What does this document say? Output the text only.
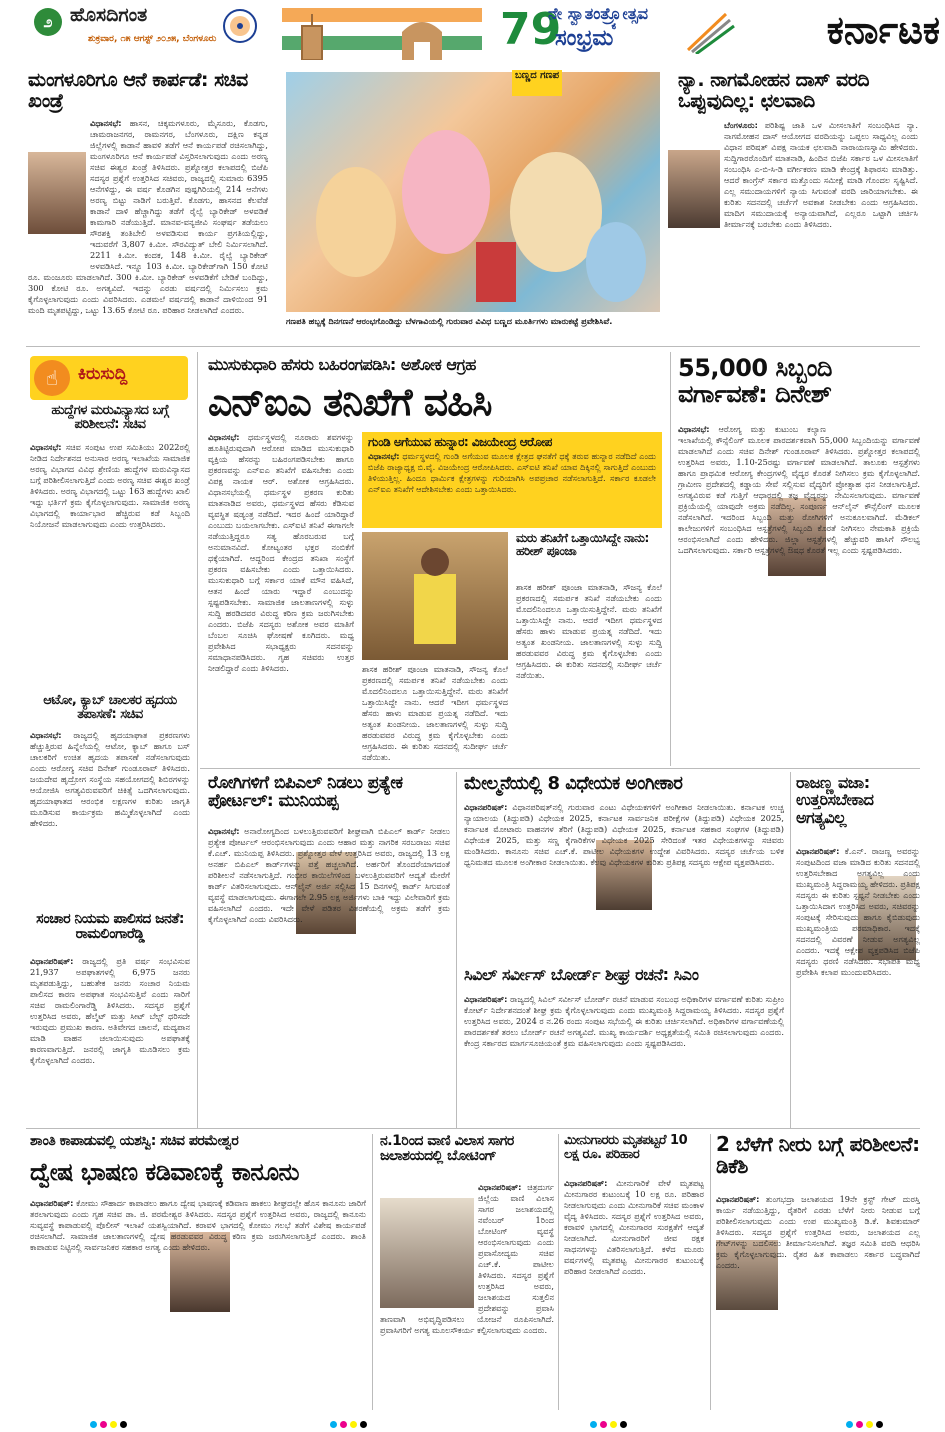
೨ ಹೊಸದಿಗಂತ
ಶುಕ್ರವಾರ, ೧೫ ಆಗಸ್ಟ್ ೨೦೨೫, ಬೆಂಗಳೂರು	79
ನೇ ಸ್ವಾತಂತ್ರ್ಯೋತ್ಸವ
ಸಂಭ್ರಮ	ಕರ್ನಾಟಕ
ಮಂಗಳೂರಿಗೂ ಆನೆ ಕಾರ್ಪಡೆ: ಸಚಿವ ಖಂಡ್ರೆ
ವಿಧಾನಸಭೆ: ಹಾಸನ, ಚಿಕ್ಕಮಗಳೂರು, ಮೈಸೂರು, ಕೊಡಗು, ಚಾಮರಾಜನಗರ, ರಾಮನಗರ, ಬೆಂಗಳೂರು, ದಕ್ಷಿಣ ಕನ್ನಡ ಜಿಲ್ಲೆಗಳಲ್ಲಿ ಕಾಡಾನೆ ಹಾವಳಿ ತಡೆಗೆ ಆನೆ ಕಾರ್ಯಪಡೆ ರಚಿಸಲಾಗಿದ್ದು, ಮಂಗಳೂರಿಗೂ ಆನೆ ಕಾರ್ಯಪಡೆ ವಿಸ್ತರಿಸಲಾಗುವುದು ಎಂದು ಅರಣ್ಯ ಸಚಿವ ಈಶ್ವರ ಖಂಡ್ರೆ ತಿಳಿಸಿದರು. ಪ್ರಶ್ನೋತ್ತರ ಕಲಾಪದಲ್ಲಿ ಬಿಜೆಪಿ ಸದಸ್ಯರ ಪ್ರಶ್ನೆಗೆ ಉತ್ತರಿಸಿದ ಸಚಿವರು, ರಾಜ್ಯದಲ್ಲಿ ಸುಮಾರು 6395 ಆನೆಗಳಿದ್ದು, ಈ ವರ್ಷ ಕೊಡಗಿನ ಪುಷ್ಪಗಿರಿಯಲ್ಲಿ 214 ಆನೆಗಳು ಅರಣ್ಯ ಬಿಟ್ಟು ನಾಡಿಗೆ ಬರುತ್ತಿವೆ. ಕೊಡಗು, ಹಾಸನದ ಕೆಲವೆಡೆ ಕಾಡಾನೆ ದಾಳಿ ಹೆಚ್ಚಾಗಿದ್ದು ತಡೆಗೆ ರೈಲ್ವೆ ಬ್ಯಾರಿಕೇಡ್ ಅಳವಡಿಕೆ ಕಾಮಗಾರಿ ನಡೆಯುತ್ತಿದೆ. ಮಾನವ-ವನ್ಯಜೀವಿ ಸಂಘರ್ಷ ತಡೆಯಲು ಸೌರಶಕ್ತಿ ತಂತಿಬೇಲಿ ಅಳವಡಿಸುವ ಕಾರ್ಯ ಪ್ರಗತಿಯಲ್ಲಿದ್ದು, ಇದುವರೆಗೆ 3,807 ಕಿ.ಮೀ. ಸೌರವಿದ್ಯುತ್ ಬೇಲಿ ನಿರ್ಮಿಸಲಾಗಿದೆ. 2211 ಕಿ.ಮೀ. ಕಂದಕ, 148 ಕಿ.ಮೀ. ರೈಲ್ವೆ ಬ್ಯಾರಿಕೇಡ್ ಅಳವಡಿಸಿದೆ. ಇನ್ನೂ 103 ಕಿ.ಮೀ. ಬ್ಯಾರಿಕೇಡ್‌ಗಾಗಿ 150 ಕೋಟಿ ರೂ. ಮಂಜೂರು ಮಾಡಲಾಗಿದೆ. 300 ಕಿ.ಮೀ. ಬ್ಯಾರಿಕೇಡ್ ಅಳವಡಿಕೆಗೆ ಬೇಡಿಕೆ ಬಂದಿದ್ದು, 300 ಕೋಟಿ ರೂ. ಅಗತ್ಯವಿದೆ. ಇದನ್ನು ಎರಡು ವರ್ಷದಲ್ಲಿ ನಿರ್ಮಿಸಲು ಕ್ರಮ ಕೈಗೊಳ್ಳಲಾಗುವುದು ಎಂದು ವಿವರಿಸಿದರು. ಎಡಮಲೆ ವರ್ಷದಲ್ಲಿ ಕಾಡಾನೆ ದಾಳಿಯಿಂದ 91 ಮಂದಿ ಮೃತಪಟ್ಟಿದ್ದು, ಒಟ್ಟು 13.65 ಕೋಟಿ ರೂ. ಪರಿಹಾರ ನೀಡಲಾಗಿದೆ ಎಂದರು.
ಬಣ್ಣದ ಗಣಪ
ಗಣಪತಿ ಹಬ್ಬಕ್ಕೆ ದಿನಗಣನೆ ಆರಂಭಗೊಂಡಿದ್ದು ಬೆಳಗಾವಿಯಲ್ಲಿ ಗುರುವಾರ ವಿವಿಧ ಬಣ್ಣದ ಮೂರ್ತಿಗಳು ಮಾರುಕಟ್ಟೆ ಪ್ರವೇಶಿಸಿವೆ.
ನ್ಯಾ. ನಾಗಮೋಹನ ದಾಸ್ ವರದಿ ಒಪ್ಪುವುದಿಲ್ಲ: ಛಲವಾದಿ
ಬೆಂಗಳೂರು: ಪರಿಶಿಷ್ಟ ಜಾತಿ ಒಳ ಮೀಸಲಾತಿಗೆ ಸಂಬಂಧಿಸಿದ ನ್ಯಾ. ನಾಗಮೋಹನ ದಾಸ್ ಆಯೋಗದ ವರದಿಯನ್ನು ಒಪ್ಪಲು ಸಾಧ್ಯವಿಲ್ಲ ಎಂದು ವಿಧಾನ ಪರಿಷತ್ ವಿಪಕ್ಷ ನಾಯಕ ಛಲವಾದಿ ನಾರಾಯಣಸ್ವಾಮಿ ಹೇಳಿದರು. ಸುದ್ದಿಗಾರರೊಂದಿಗೆ ಮಾತನಾಡಿ, ಹಿಂದಿನ ಬಿಜೆಪಿ ಸರ್ಕಾರ ಒಳ ಮೀಸಲಾತಿಗೆ ಸಂಬಂಧಿಸಿ ಎ-ಬಿ-ಸಿ-ಡಿ ವರ್ಗೀಕರಣ ಮಾಡಿ ಕೇಂದ್ರಕ್ಕೆ ಶಿಫಾರಸು ಮಾಡಿತ್ತು. ಆದರೆ ಕಾಂಗ್ರೆಸ್ ಸರ್ಕಾರ ಮತ್ತೊಂದು ಸಮೀಕ್ಷೆ ಮಾಡಿ ಗೊಂದಲ ಸೃಷ್ಟಿಸಿದೆ. ಎಲ್ಲ ಸಮುದಾಯಗಳಿಗೆ ನ್ಯಾಯ ಸಿಗುವಂತೆ ವರದಿ ಜಾರಿಯಾಗಬೇಕು. ಈ ಕುರಿತು ಸದನದಲ್ಲಿ ಚರ್ಚೆಗೆ ಅವಕಾಶ ನೀಡಬೇಕು ಎಂದು ಆಗ್ರಹಿಸಿದರು. ಮಾದಿಗ ಸಮುದಾಯಕ್ಕೆ ಅನ್ಯಾಯವಾಗಿದೆ, ಎಲ್ಲರೂ ಒಟ್ಟಾಗಿ ಚರ್ಚಿಸಿ ತೀರ್ಮಾನಕ್ಕೆ ಬರಬೇಕು ಎಂದು ತಿಳಿಸಿದರು.
☝	ಕಿರುಸುದ್ದಿ
ಹುದ್ದೆಗಳ ಮರುವಿನ್ಯಾಸದ ಬಗ್ಗೆ ಪರಿಶೀಲನೆ: ಸಚಿವ
ವಿಧಾನಸಭೆ: ಸಚಿವ ಸಂಪುಟ ಉಪ ಸಮಿತಿಯು 2022ರಲ್ಲಿ ನೀಡಿದ ನಿರ್ದೇಶನದ ಅನುಸಾರ ಅರಣ್ಯ ಇಲಾಖೆಯ ಸಾಮಾಜಿಕ ಅರಣ್ಯ ವಿಭಾಗದ ವಿವಿಧ ಶ್ರೇಣಿಯ ಹುದ್ದೆಗಳ ಮರುವಿನ್ಯಾಸದ ಬಗ್ಗೆ ಪರಿಶೀಲಿಸಲಾಗುತ್ತಿದೆ ಎಂದು ಅರಣ್ಯ ಸಚಿವ ಈಶ್ವರ ಖಂಡ್ರೆ ತಿಳಿಸಿದರು. ಅರಣ್ಯ ವಿಭಾಗದಲ್ಲಿ ಒಟ್ಟು 163 ಹುದ್ದೆಗಳು ಖಾಲಿ ಇದ್ದು ಭರ್ತಿಗೆ ಕ್ರಮ ಕೈಗೊಳ್ಳಲಾಗುವುದು. ಸಾಮಾಜಿಕ ಅರಣ್ಯ ವಿಭಾಗದಲ್ಲಿ ಕಾರ್ಯಾಭಾರ ಹೆಚ್ಚಿರುವ ಕಡೆ ಸಿಬ್ಬಂದಿ ನಿಯೋಜನೆ ಮಾಡಲಾಗುವುದು ಎಂದು ಉತ್ತರಿಸಿದರು.
ಆಟೋ, ಕ್ಯಾಬ್ ಚಾಲಕರ ಹೃದಯ ತಪಾಸಣೆ: ಸಚಿವ
ವಿಧಾನಸಭೆ: ರಾಜ್ಯದಲ್ಲಿ ಹೃದಯಾಘಾತ ಪ್ರಕರಣಗಳು ಹೆಚ್ಚುತ್ತಿರುವ ಹಿನ್ನೆಲೆಯಲ್ಲಿ ಆಟೋ, ಕ್ಯಾಬ್ ಹಾಗೂ ಬಸ್ ಚಾಲಕರಿಗೆ ಉಚಿತ ಹೃದಯ ತಪಾಸಣೆ ನಡೆಸಲಾಗುವುದು ಎಂದು ಆರೋಗ್ಯ ಸಚಿವ ದಿನೇಶ್ ಗುಂಡೂರಾವ್ ತಿಳಿಸಿದರು. ಜಯದೇವ ಹೃದ್ರೋಗ ಸಂಸ್ಥೆಯ ಸಹಯೋಗದಲ್ಲಿ ಶಿಬಿರಗಳನ್ನು ಆಯೋಜಿಸಿ ಅಗತ್ಯವಿರುವವರಿಗೆ ಚಿಕಿತ್ಸೆ ಒದಗಿಸಲಾಗುವುದು. ಹೃದಯಾಘಾತದ ಆರಂಭಿಕ ಲಕ್ಷಣಗಳ ಕುರಿತು ಜಾಗೃತಿ ಮೂಡಿಸುವ ಕಾರ್ಯಕ್ರಮ ಹಮ್ಮಿಕೊಳ್ಳಲಾಗಿದೆ ಎಂದು ಹೇಳಿದರು.
ಸಂಚಾರ ನಿಯಮ ಪಾಲಿಸದ ಜನತೆ: ರಾಮಲಿಂಗಾರೆಡ್ಡಿ
ವಿಧಾನಪರಿಷತ್: ರಾಜ್ಯದಲ್ಲಿ ಪ್ರತಿ ವರ್ಷ ಸಂಭವಿಸುವ 21,937 ಅಪಘಾತಗಳಲ್ಲಿ 6,975 ಜನರು ಮೃತಪಡುತ್ತಿದ್ದು, ಬಹುತೇಕ ಜನರು ಸಂಚಾರ ನಿಯಮ ಪಾಲಿಸದ ಕಾರಣ ಅಪಘಾತ ಸಂಭವಿಸುತ್ತಿವೆ ಎಂದು ಸಾರಿಗೆ ಸಚಿವ ರಾಮಲಿಂಗಾರೆಡ್ಡಿ ತಿಳಿಸಿದರು. ಸದಸ್ಯರ ಪ್ರಶ್ನೆಗೆ ಉತ್ತರಿಸಿದ ಅವರು, ಹೆಲ್ಮೆಟ್ ಮತ್ತು ಸೀಟ್ ಬೆಲ್ಟ್ ಧರಿಸದೇ ಇರುವುದು ಪ್ರಮುಖ ಕಾರಣ. ಅತಿವೇಗದ ಚಾಲನೆ, ಮದ್ಯಪಾನ ಮಾಡಿ ವಾಹನ ಚಲಾಯಿಸುವುದು ಅಪಘಾತಕ್ಕೆ ಕಾರಣವಾಗುತ್ತಿದೆ. ಜನರಲ್ಲಿ ಜಾಗೃತಿ ಮೂಡಿಸಲು ಕ್ರಮ ಕೈಗೊಳ್ಳಲಾಗಿದೆ ಎಂದರು.
ಮುಸುಕುಧಾರಿ ಹೆಸರು ಬಹಿರಂಗಪಡಿಸಿ: ಅಶೋಕ ಆಗ್ರಹ
ಎನ್‌ಐಎ ತನಿಖೆಗೆ ವಹಿಸಿ
ವಿಧಾನಸಭೆ: ಧರ್ಮಸ್ಥಳದಲ್ಲಿ ನೂರಾರು ಶವಗಳನ್ನು ಹೂತಿಟ್ಟಿರುವುದಾಗಿ ಆರೋಪ ಮಾಡಿದ ಮುಸುಕುಧಾರಿ ವ್ಯಕ್ತಿಯ ಹೆಸರನ್ನು ಬಹಿರಂಗಪಡಿಸಬೇಕು ಹಾಗೂ ಪ್ರಕರಣವನ್ನು ಎನ್‌ಐಎ ತನಿಖೆಗೆ ವಹಿಸಬೇಕು ಎಂದು ವಿಪಕ್ಷ ನಾಯಕ ಆರ್. ಅಶೋಕ ಆಗ್ರಹಿಸಿದರು. ವಿಧಾನಸಭೆಯಲ್ಲಿ ಧರ್ಮಸ್ಥಳ ಪ್ರಕರಣ ಕುರಿತು ಮಾತನಾಡಿದ ಅವರು, ಧರ್ಮಸ್ಥಳದ ಹೆಸರು ಕೆಡಿಸುವ ವ್ಯವಸ್ಥಿತ ಷಡ್ಯಂತ್ರ ನಡೆದಿದೆ. ಇದರ ಹಿಂದೆ ಯಾರಿದ್ದಾರೆ ಎಂಬುದು ಬಯಲಾಗಬೇಕು. ಎಸ್‌ಐಟಿ ತನಿಖೆ ಈಗಾಗಲೇ ನಡೆಯುತ್ತಿದ್ದರೂ ಸತ್ಯ ಹೊರಬರುವ ಬಗ್ಗೆ ಅನುಮಾನವಿದೆ. ಕೋಟ್ಯಂತರ ಭಕ್ತರ ನಂಬಿಕೆಗೆ ಧಕ್ಕೆಯಾಗಿದೆ. ಆದ್ದರಿಂದ ಕೇಂದ್ರದ ತನಿಖಾ ಸಂಸ್ಥೆಗೆ ಪ್ರಕರಣ ವಹಿಸಬೇಕು ಎಂದು ಒತ್ತಾಯಿಸಿದರು. ಮುಸುಕುಧಾರಿ ಬಗ್ಗೆ ಸರ್ಕಾರ ಯಾಕೆ ಮೌನ ವಹಿಸಿದೆ, ಆತನ ಹಿಂದೆ ಯಾರು ಇದ್ದಾರೆ ಎಂಬುದನ್ನು ಸ್ಪಷ್ಟಪಡಿಸಬೇಕು. ಸಾಮಾಜಿಕ ಜಾಲತಾಣಗಳಲ್ಲಿ ಸುಳ್ಳು ಸುದ್ದಿ ಹರಡಿದವರ ವಿರುದ್ಧ ಕಠಿಣ ಕ್ರಮ ಜರುಗಿಸಬೇಕು ಎಂದರು. ಬಿಜೆಪಿ ಸದಸ್ಯರು ಅಶೋಕ ಅವರ ಮಾತಿಗೆ ಬೆಂಬಲ ಸೂಚಿಸಿ ಘೋಷಣೆ ಕೂಗಿದರು. ಮಧ್ಯ ಪ್ರವೇಶಿಸಿದ ಸಭಾಧ್ಯಕ್ಷರು ಸದನವನ್ನು ಸಮಾಧಾನಪಡಿಸಿದರು. ಗೃಹ ಸಚಿವರು ಉತ್ತರ ನೀಡಲಿದ್ದಾರೆ ಎಂದು ತಿಳಿಸಿದರು.
ಗುಂಡಿ ಅಗೆಯುವ ಹುನ್ನಾರ: ವಿಜಯೇಂದ್ರ ಆರೋಪ
ವಿಧಾನಸಭೆ: ಧರ್ಮಸ್ಥಳದಲ್ಲಿ ಗುಂಡಿ ಅಗೆಯುವ ಮೂಲಕ ಕ್ಷೇತ್ರದ ಘನತೆಗೆ ಧಕ್ಕೆ ತರುವ ಹುನ್ನಾರ ನಡೆದಿದೆ ಎಂದು ಬಿಜೆಪಿ ರಾಜ್ಯಾಧ್ಯಕ್ಷ ಬಿ.ವೈ. ವಿಜಯೇಂದ್ರ ಆರೋಪಿಸಿದರು. ಎಸ್‌ಐಟಿ ತನಿಖೆ ಯಾವ ದಿಕ್ಕಿನಲ್ಲಿ ಸಾಗುತ್ತಿದೆ ಎಂಬುದು ತಿಳಿಯುತ್ತಿಲ್ಲ. ಹಿಂದೂ ಧಾರ್ಮಿಕ ಕ್ಷೇತ್ರಗಳನ್ನು ಗುರಿಯಾಗಿಸಿ ಅಪಪ್ರಚಾರ ನಡೆಸಲಾಗುತ್ತಿದೆ. ಸರ್ಕಾರ ಕೂಡಲೇ ಎನ್‌ಐಎ ತನಿಖೆಗೆ ಆದೇಶಿಸಬೇಕು ಎಂದು ಒತ್ತಾಯಿಸಿದರು.
ಮರು ತನಿಖೆಗೆ ಒತ್ತಾಯಿಸಿದ್ದೇ ನಾನು: ಹರೀಶ್ ಪೂಂಜಾ
ಶಾಸಕ ಹರೀಶ್ ಪೂಂಜಾ ಮಾತನಾಡಿ, ಸೌಜನ್ಯ ಕೊಲೆ ಪ್ರಕರಣದಲ್ಲಿ ಸಮರ್ಪಕ ತನಿಖೆ ನಡೆಯಬೇಕು ಎಂದು ಮೊದಲಿನಿಂದಲೂ ಒತ್ತಾಯಿಸುತ್ತಿದ್ದೇನೆ. ಮರು ತನಿಖೆಗೆ ಒತ್ತಾಯಿಸಿದ್ದೇ ನಾನು. ಆದರೆ ಇದೀಗ ಧರ್ಮಸ್ಥಳದ ಹೆಸರು ಹಾಳು ಮಾಡುವ ಪ್ರಯತ್ನ ನಡೆದಿದೆ. ಇದು ಅತ್ಯಂತ ಖಂಡನೀಯ. ಜಾಲತಾಣಗಳಲ್ಲಿ ಸುಳ್ಳು ಸುದ್ದಿ ಹರಡುವವರ ವಿರುದ್ಧ ಕ್ರಮ ಕೈಗೊಳ್ಳಬೇಕು ಎಂದು ಆಗ್ರಹಿಸಿದರು. ಈ ಕುರಿತು ಸದನದಲ್ಲಿ ಸುದೀರ್ಘ ಚರ್ಚೆ ನಡೆಯಿತು.
ಶಾಸಕ ಹರೀಶ್ ಪೂಂಜಾ ಮಾತನಾಡಿ, ಸೌಜನ್ಯ ಕೊಲೆ ಪ್ರಕರಣದಲ್ಲಿ ಸಮರ್ಪಕ ತನಿಖೆ ನಡೆಯಬೇಕು ಎಂದು ಮೊದಲಿನಿಂದಲೂ ಒತ್ತಾಯಿಸುತ್ತಿದ್ದೇನೆ. ಮರು ತನಿಖೆಗೆ ಒತ್ತಾಯಿಸಿದ್ದೇ ನಾನು. ಆದರೆ ಇದೀಗ ಧರ್ಮಸ್ಥಳದ ಹೆಸರು ಹಾಳು ಮಾಡುವ ಪ್ರಯತ್ನ ನಡೆದಿದೆ. ಇದು ಅತ್ಯಂತ ಖಂಡನೀಯ. ಜಾಲತಾಣಗಳಲ್ಲಿ ಸುಳ್ಳು ಸುದ್ದಿ ಹರಡುವವರ ವಿರುದ್ಧ ಕ್ರಮ ಕೈಗೊಳ್ಳಬೇಕು ಎಂದು ಆಗ್ರಹಿಸಿದರು. ಈ ಕುರಿತು ಸದನದಲ್ಲಿ ಸುದೀರ್ಘ ಚರ್ಚೆ ನಡೆಯಿತು.
55,000 ಸಿಬ್ಬಂದಿ ವರ್ಗಾವಣೆ: ದಿನೇಶ್
ವಿಧಾನಸಭೆ: ಆರೋಗ್ಯ ಮತ್ತು ಕುಟುಂಬ ಕಲ್ಯಾಣ ಇಲಾಖೆಯಲ್ಲಿ ಕೌನ್ಸೆಲಿಂಗ್ ಮೂಲಕ ಪಾರದರ್ಶಕವಾಗಿ 55,000 ಸಿಬ್ಬಂದಿಯನ್ನು ವರ್ಗಾವಣೆ ಮಾಡಲಾಗಿದೆ ಎಂದು ಸಚಿವ ದಿನೇಶ್ ಗುಂಡೂರಾವ್ ತಿಳಿಸಿದರು. ಪ್ರಶ್ನೋತ್ತರ ಕಲಾಪದಲ್ಲಿ ಉತ್ತರಿಸಿದ ಅವರು, 1.10-25ರಷ್ಟು ವರ್ಗಾವಣೆ ಮಾಡಲಾಗಿದೆ. ತಾಲೂಕು ಆಸ್ಪತ್ರೆಗಳು ಹಾಗೂ ಪ್ರಾಥಮಿಕ ಆರೋಗ್ಯ ಕೇಂದ್ರಗಳಲ್ಲಿ ವೈದ್ಯರ ಕೊರತೆ ನೀಗಿಸಲು ಕ್ರಮ ಕೈಗೊಳ್ಳಲಾಗಿದೆ. ಗ್ರಾಮೀಣ ಪ್ರದೇಶದಲ್ಲಿ ಕಡ್ಡಾಯ ಸೇವೆ ಸಲ್ಲಿಸುವ ವೈದ್ಯರಿಗೆ ಪ್ರೋತ್ಸಾಹ ಧನ ನೀಡಲಾಗುತ್ತಿದೆ. ಅಗತ್ಯವಿರುವ ಕಡೆ ಗುತ್ತಿಗೆ ಆಧಾರದಲ್ಲಿ ತಜ್ಞ ವೈದ್ಯರನ್ನು ನೇಮಿಸಲಾಗುವುದು. ವರ್ಗಾವಣೆ ಪ್ರಕ್ರಿಯೆಯಲ್ಲಿ ಯಾವುದೇ ಅಕ್ರಮ ನಡೆದಿಲ್ಲ. ಸಂಪೂರ್ಣ ಆನ್‌ಲೈನ್ ಕೌನ್ಸೆಲಿಂಗ್ ಮೂಲಕ ನಡೆಸಲಾಗಿದೆ. ಇದರಿಂದ ಸಿಬ್ಬಂದಿ ಮತ್ತು ರೋಗಿಗಳಿಗೆ ಅನುಕೂಲವಾಗಿದೆ. ಮೆಡಿಕಲ್ ಕಾಲೇಜುಗಳಿಗೆ ಸಂಬಂಧಿಸಿದ ಆಸ್ಪತ್ರೆಗಳಲ್ಲಿ ಸಿಬ್ಬಂದಿ ಕೊರತೆ ನೀಗಿಸಲು ನೇಮಕಾತಿ ಪ್ರಕ್ರಿಯೆ ಆರಂಭಿಸಲಾಗಿದೆ ಎಂದು ಹೇಳಿದರು. ಜಿಲ್ಲಾ ಆಸ್ಪತ್ರೆಗಳಲ್ಲಿ ಹೆಚ್ಚುವರಿ ಹಾಸಿಗೆ ಸೌಲಭ್ಯ ಒದಗಿಸಲಾಗುವುದು. ಸರ್ಕಾರಿ ಆಸ್ಪತ್ರೆಗಳಲ್ಲಿ ಔಷಧ ಕೊರತೆ ಇಲ್ಲ ಎಂದು ಸ್ಪಷ್ಟಪಡಿಸಿದರು.
ರೋಗಿಗಳಿಗೆ ಬಿಪಿಎಲ್ ನಿಡಲು ಪ್ರತ್ಯೇಕ ಪೋರ್ಟಲ್: ಮುನಿಯಪ್ಪ
ವಿಧಾನಸಭೆ: ಅನಾರೋಗ್ಯದಿಂದ ಬಳಲುತ್ತಿರುವವರಿಗೆ ಶೀಘ್ರವಾಗಿ ಬಿಪಿಎಲ್ ಕಾರ್ಡ್ ನೀಡಲು ಪ್ರತ್ಯೇಕ ಪೋರ್ಟಲ್ ಆರಂಭಿಸಲಾಗುವುದು ಎಂದು ಆಹಾರ ಮತ್ತು ನಾಗರಿಕ ಸರಬರಾಜು ಸಚಿವ ಕೆ.ಎಚ್. ಮುನಿಯಪ್ಪ ತಿಳಿಸಿದರು. ಪ್ರಶ್ನೋತ್ತರ ವೇಳೆ ಉತ್ತರಿಸಿದ ಅವರು, ರಾಜ್ಯದಲ್ಲಿ 13 ಲಕ್ಷ ಅನರ್ಹ ಬಿಪಿಎಲ್ ಕಾರ್ಡ್‌ಗಳನ್ನು ಪತ್ತೆ ಹಚ್ಚಲಾಗಿದೆ. ಅರ್ಹರಿಗೆ ತೊಂದರೆಯಾಗದಂತೆ ಪರಿಶೀಲನೆ ನಡೆಸಲಾಗುತ್ತಿದೆ. ಗಂಭೀರ ಕಾಯಿಲೆಗಳಿಂದ ಬಳಲುತ್ತಿರುವವರಿಗೆ ಆದ್ಯತೆ ಮೇರೆಗೆ ಕಾರ್ಡ್ ವಿತರಿಸಲಾಗುವುದು. ಆನ್‌ಲೈನ್ ಅರ್ಜಿ ಸಲ್ಲಿಸಿದ 15 ದಿನಗಳಲ್ಲಿ ಕಾರ್ಡ್ ಸಿಗುವಂತೆ ವ್ಯವಸ್ಥೆ ಮಾಡಲಾಗುವುದು. ಈಗಾಗಲೇ 2.95 ಲಕ್ಷ ಅರ್ಜಿಗಳು ಬಾಕಿ ಇದ್ದು ವಿಲೇವಾರಿಗೆ ಕ್ರಮ ವಹಿಸಲಾಗಿದೆ ಎಂದರು. ಇದೇ ವೇಳೆ ಪಡಿತರ ವಿತರಣೆಯಲ್ಲಿ ಅಕ್ರಮ ತಡೆಗೆ ಕ್ರಮ ಕೈಗೊಳ್ಳಲಾಗಿದೆ ಎಂದು ವಿವರಿಸಿದರು.
ಮೇಲ್ಮನೆಯಲ್ಲಿ 8 ವಿಧೇಯಕ ಅಂಗೀಕಾರ
ವಿಧಾನಪರಿಷತ್: ವಿಧಾನಪರಿಷತ್‌ನಲ್ಲಿ ಗುರುವಾರ ಎಂಟು ವಿಧೇಯಕಗಳಿಗೆ ಅಂಗೀಕಾರ ನೀಡಲಾಯಿತು. ಕರ್ನಾಟಕ ಉಚ್ಚ ನ್ಯಾಯಾಲಯ (ತಿದ್ದುಪಡಿ) ವಿಧೇಯಕ 2025, ಕರ್ನಾಟಕ ಸಾರ್ವಜನಿಕ ಪರೀಕ್ಷೆಗಳ (ತಿದ್ದುಪಡಿ) ವಿಧೇಯಕ 2025, ಕರ್ನಾಟಕ ಮೋಟಾರು ವಾಹನಗಳ ತೆರಿಗೆ (ತಿದ್ದುಪಡಿ) ವಿಧೇಯಕ 2025, ಕರ್ನಾಟಕ ಸಹಕಾರ ಸಂಘಗಳ (ತಿದ್ದುಪಡಿ) ವಿಧೇಯಕ 2025, ಮತ್ತು ಸಣ್ಣ ಕೈಗಾರಿಕೆಗಳ ವಿಧೇಯಕ 2025 ಸೇರಿದಂತೆ ಇತರ ವಿಧೇಯಕಗಳನ್ನು ಸಚಿವರು ಮಂಡಿಸಿದರು. ಕಾನೂನು ಸಚಿವ ಎಚ್.ಕೆ. ಪಾಟೀಲ ವಿಧೇಯಕಗಳ ಉದ್ದೇಶ ವಿವರಿಸಿದರು. ಸದಸ್ಯರ ಚರ್ಚೆಯ ಬಳಿಕ ಧ್ವನಿಮತದ ಮೂಲಕ ಅಂಗೀಕಾರ ನೀಡಲಾಯಿತು. ಕೆಲವು ವಿಧೇಯಕಗಳ ಕುರಿತು ಪ್ರತಿಪಕ್ಷ ಸದಸ್ಯರು ಆಕ್ಷೇಪ ವ್ಯಕ್ತಪಡಿಸಿದರು.
ಸಿವಿಲ್ ಸರ್ವೀಸ್ ಬೋರ್ಡ್ ಶೀಘ್ರ ರಚನೆ: ಸಿಎಂ
ವಿಧಾನಪರಿಷತ್: ರಾಜ್ಯದಲ್ಲಿ ಸಿವಿಲ್ ಸರ್ವೀಸ್ ಬೋರ್ಡ್ ರಚನೆ ಮಾಡುವ ಸಂಬಂಧ ಅಧಿಕಾರಿಗಳ ವರ್ಗಾವಣೆ ಕುರಿತು ಸುಪ್ರೀಂ ಕೋರ್ಟ್ ನಿರ್ದೇಶನದಂತೆ ಶೀಘ್ರ ಕ್ರಮ ಕೈಗೊಳ್ಳಲಾಗುವುದು ಎಂದು ಮುಖ್ಯಮಂತ್ರಿ ಸಿದ್ದರಾಮಯ್ಯ ತಿಳಿಸಿದರು. ಸದಸ್ಯರ ಪ್ರಶ್ನೆಗೆ ಉತ್ತರಿಸಿದ ಅವರು, 2024 ರ ನ.26 ರಂದು ಸಂಪುಟ ಸಭೆಯಲ್ಲಿ ಈ ಕುರಿತು ಚರ್ಚಿಸಲಾಗಿದೆ. ಅಧಿಕಾರಿಗಳ ವರ್ಗಾವಣೆಯಲ್ಲಿ ಪಾರದರ್ಶಕತೆ ತರಲು ಬೋರ್ಡ್ ರಚನೆ ಅಗತ್ಯವಿದೆ. ಮುಖ್ಯ ಕಾರ್ಯದರ್ಶಿ ಅಧ್ಯಕ್ಷತೆಯಲ್ಲಿ ಸಮಿತಿ ರಚಿಸಲಾಗುವುದು ಎಂದರು. ಕೇಂದ್ರ ಸರ್ಕಾರದ ಮಾರ್ಗಸೂಚಿಯಂತೆ ಕ್ರಮ ವಹಿಸಲಾಗುವುದು ಎಂದು ಸ್ಪಷ್ಟಪಡಿಸಿದರು.
ರಾಜಣ್ಣ ವಜಾ: ಉತ್ತರಿಸಬೇಕಾದ ಅಗತ್ಯವಿಲ್ಲ
ವಿಧಾನಪರಿಷತ್: ಕೆ.ಎನ್. ರಾಜಣ್ಣ ಅವರನ್ನು ಸಂಪುಟದಿಂದ ವಜಾ ಮಾಡಿದ ಕುರಿತು ಸದನದಲ್ಲಿ ಉತ್ತರಿಸಬೇಕಾದ ಅಗತ್ಯವಿಲ್ಲ ಎಂದು ಮುಖ್ಯಮಂತ್ರಿ ಸಿದ್ದರಾಮಯ್ಯ ಹೇಳಿದರು. ಪ್ರತಿಪಕ್ಷ ಸದಸ್ಯರು ಈ ಕುರಿತು ಸ್ಪಷ್ಟನೆ ನೀಡಬೇಕು ಎಂದು ಒತ್ತಾಯಿಸಿದಾಗ ಉತ್ತರಿಸಿದ ಅವರು, ಸಚಿವರನ್ನು ಸಂಪುಟಕ್ಕೆ ಸೇರಿಸುವುದು ಹಾಗೂ ಕೈಬಿಡುವುದು ಮುಖ್ಯಮಂತ್ರಿಯ ಪರಮಾಧಿಕಾರ. ಇದಕ್ಕೆ ಸದನದಲ್ಲಿ ವಿವರಣೆ ನೀಡುವ ಅಗತ್ಯವಿಲ್ಲ ಎಂದರು. ಇದಕ್ಕೆ ಆಕ್ಷೇಪ ವ್ಯಕ್ತಪಡಿಸಿದ ಬಿಜೆಪಿ ಸದಸ್ಯರು ಧರಣಿ ನಡೆಸಿದರು. ಸಭಾಪತಿ ಮಧ್ಯ ಪ್ರವೇಶಿಸಿ ಕಲಾಪ ಮುಂದುವರಿಸಿದರು.
ಶಾಂತಿ ಕಾಪಾಡುವಲ್ಲಿ ಯಶಸ್ವಿ: ಸಚಿವ ಪರಮೇಶ್ವರ
ದ್ವೇಷ ಭಾಷಣ ಕಡಿವಾಣಕ್ಕೆ ಕಾನೂನು
ವಿಧಾನಪರಿಷತ್: ಕೋಮು ಸೌಹಾರ್ದ ಕಾಪಾಡಲು ಹಾಗೂ ದ್ವೇಷ ಭಾಷಣಕ್ಕೆ ಕಡಿವಾಣ ಹಾಕಲು ಶೀಘ್ರದಲ್ಲೇ ಹೊಸ ಕಾನೂನು ಜಾರಿಗೆ ತರಲಾಗುವುದು ಎಂದು ಗೃಹ ಸಚಿವ ಡಾ. ಜಿ. ಪರಮೇಶ್ವರ ತಿಳಿಸಿದರು. ಸದಸ್ಯರ ಪ್ರಶ್ನೆಗೆ ಉತ್ತರಿಸಿದ ಅವರು, ರಾಜ್ಯದಲ್ಲಿ ಕಾನೂನು ಸುವ್ಯವಸ್ಥೆ ಕಾಪಾಡುವಲ್ಲಿ ಪೊಲೀಸ್ ಇಲಾಖೆ ಯಶಸ್ವಿಯಾಗಿದೆ. ಕರಾವಳಿ ಭಾಗದಲ್ಲಿ ಕೋಮು ಗಲಭೆ ತಡೆಗೆ ವಿಶೇಷ ಕಾರ್ಯಪಡೆ ರಚಿಸಲಾಗಿದೆ. ಸಾಮಾಜಿಕ ಜಾಲತಾಣಗಳಲ್ಲಿ ದ್ವೇಷ ಹರಡುವವರ ವಿರುದ್ಧ ಕಠಿಣ ಕ್ರಮ ಜರುಗಿಸಲಾಗುತ್ತಿದೆ ಎಂದರು. ಶಾಂತಿ ಕಾಪಾಡುವ ನಿಟ್ಟಿನಲ್ಲಿ ಸಾರ್ವಜನಿಕರ ಸಹಕಾರ ಅಗತ್ಯ ಎಂದು ಹೇಳಿದರು.
ನ.1ರಿಂದ ವಾಣಿ ವಿಲಾಸ ಸಾಗರ ಜಲಾಶಯದಲ್ಲಿ ಬೋಟಿಂಗ್
ವಿಧಾನಪರಿಷತ್: ಚಿತ್ರದುರ್ಗ ಜಿಲ್ಲೆಯ ವಾಣಿ ವಿಲಾಸ ಸಾಗರ ಜಲಾಶಯದಲ್ಲಿ ನವೆಂಬರ್ 1ರಿಂದ ಬೋಟಿಂಗ್ ವ್ಯವಸ್ಥೆ ಆರಂಭಿಸಲಾಗುವುದು ಎಂದು ಪ್ರವಾಸೋದ್ಯಮ ಸಚಿವ ಎಚ್.ಕೆ. ಪಾಟೀಲ ತಿಳಿಸಿದರು. ಸದಸ್ಯರ ಪ್ರಶ್ನೆಗೆ ಉತ್ತರಿಸಿದ ಅವರು, ಜಲಾಶಯದ ಸುತ್ತಲಿನ ಪ್ರದೇಶವನ್ನು ಪ್ರವಾಸಿ ತಾಣವಾಗಿ ಅಭಿವೃದ್ಧಿಪಡಿಸಲು ಯೋಜನೆ ರೂಪಿಸಲಾಗಿದೆ. ಪ್ರವಾಸಿಗರಿಗೆ ಅಗತ್ಯ ಮೂಲಸೌಕರ್ಯ ಕಲ್ಪಿಸಲಾಗುವುದು ಎಂದರು.
ಮೀನುಗಾರರು ಮೃತಪಟ್ಟರೆ 10 ಲಕ್ಷ ರೂ. ಪರಿಹಾರ
ವಿಧಾನಪರಿಷತ್: ಮೀನುಗಾರಿಕೆ ವೇಳೆ ಮೃತಪಟ್ಟ ಮೀನುಗಾರರ ಕುಟುಂಬಕ್ಕೆ 10 ಲಕ್ಷ ರೂ. ಪರಿಹಾರ ನೀಡಲಾಗುವುದು ಎಂದು ಮೀನುಗಾರಿಕೆ ಸಚಿವ ಮಂಕಾಳ ವೈದ್ಯ ತಿಳಿಸಿದರು. ಸದಸ್ಯರ ಪ್ರಶ್ನೆಗೆ ಉತ್ತರಿಸಿದ ಅವರು, ಕರಾವಳಿ ಭಾಗದಲ್ಲಿ ಮೀನುಗಾರರ ಸುರಕ್ಷತೆಗೆ ಆದ್ಯತೆ ನೀಡಲಾಗಿದೆ. ಮೀನುಗಾರರಿಗೆ ಜೀವ ರಕ್ಷಕ ಸಾಧನಗಳನ್ನು ವಿತರಿಸಲಾಗುತ್ತಿದೆ. ಕಳೆದ ಮೂರು ವರ್ಷಗಳಲ್ಲಿ ಮೃತಪಟ್ಟ ಮೀನುಗಾರರ ಕುಟುಂಬಕ್ಕೆ ಪರಿಹಾರ ನೀಡಲಾಗಿದೆ ಎಂದರು.
2 ಬೆಳೆಗೆ ನೀರು ಬಗ್ಗೆ ಪರಿಶೀಲನೆ: ಡಿಕೆಶಿ
ವಿಧಾನಪರಿಷತ್: ತುಂಗಭದ್ರಾ ಜಲಾಶಯದ 19ನೇ ಕ್ರಸ್ಟ್ ಗೇಟ್ ದುರಸ್ತಿ ಕಾರ್ಯ ನಡೆಯುತ್ತಿದ್ದು, ರೈತರಿಗೆ ಎರಡು ಬೆಳೆಗೆ ನೀರು ನೀಡುವ ಬಗ್ಗೆ ಪರಿಶೀಲಿಸಲಾಗುವುದು ಎಂದು ಉಪ ಮುಖ್ಯಮಂತ್ರಿ ಡಿ.ಕೆ. ಶಿವಕುಮಾರ್ ತಿಳಿಸಿದರು. ಸದಸ್ಯರ ಪ್ರಶ್ನೆಗೆ ಉತ್ತರಿಸಿದ ಅವರು, ಜಲಾಶಯದ ಎಲ್ಲ ಗೇಟ್‌ಗಳನ್ನು ಬದಲಿಸಲು ತೀರ್ಮಾನಿಸಲಾಗಿದೆ. ತಜ್ಞರ ಸಮಿತಿ ವರದಿ ಆಧರಿಸಿ ಕ್ರಮ ಕೈಗೊಳ್ಳಲಾಗುವುದು. ರೈತರ ಹಿತ ಕಾಪಾಡಲು ಸರ್ಕಾರ ಬದ್ಧವಾಗಿದೆ ಎಂದರು.
